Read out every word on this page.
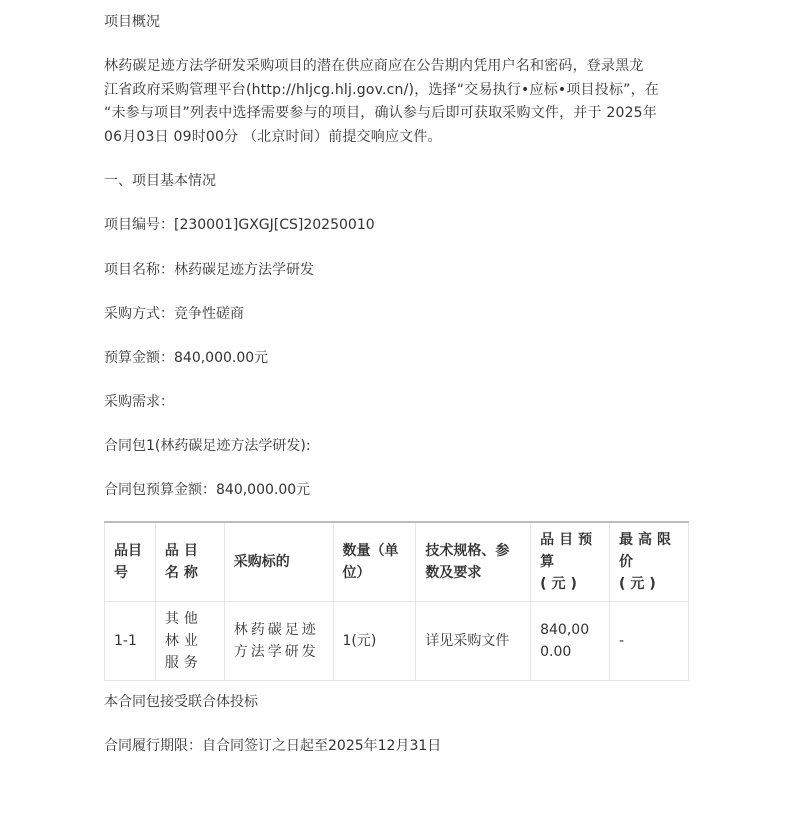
项目概况
林药碳足迹方法学研发采购项目的潜在供应商应在公告期内凭用户名和密码，登录黑龙
江省政府采购管理平台(http://hljcg.hlj.gov.cn/)，选择“交易执行•应标•项目投标”，在
“未参与项目”列表中选择需要参与的项目，确认参与后即可获取采购文件，并于 2025年
06月03日 09时00分 （北京时间）前提交响应文件。
一、项目基本情况
项目编号：[230001]GXGJ[CS]20250010
项目名称：林药碳足迹方法学研发
采购方式：竞争性磋商
预算金额：840,000.00元
采购需求：
合同包1(林药碳足迹方法学研发):
合同包预算金额：840,000.00元
品目号	品目名称	采购标的	数量（单位）	技术规格、参数及要求	品目预算(元)	最高限价(元)
1-1	其他林业服务	林药碳足迹方法学研发	1(元)	详见采购文件	840,000.00	-
本合同包接受联合体投标
合同履行期限：自合同签订之日起至2025年12月31日
